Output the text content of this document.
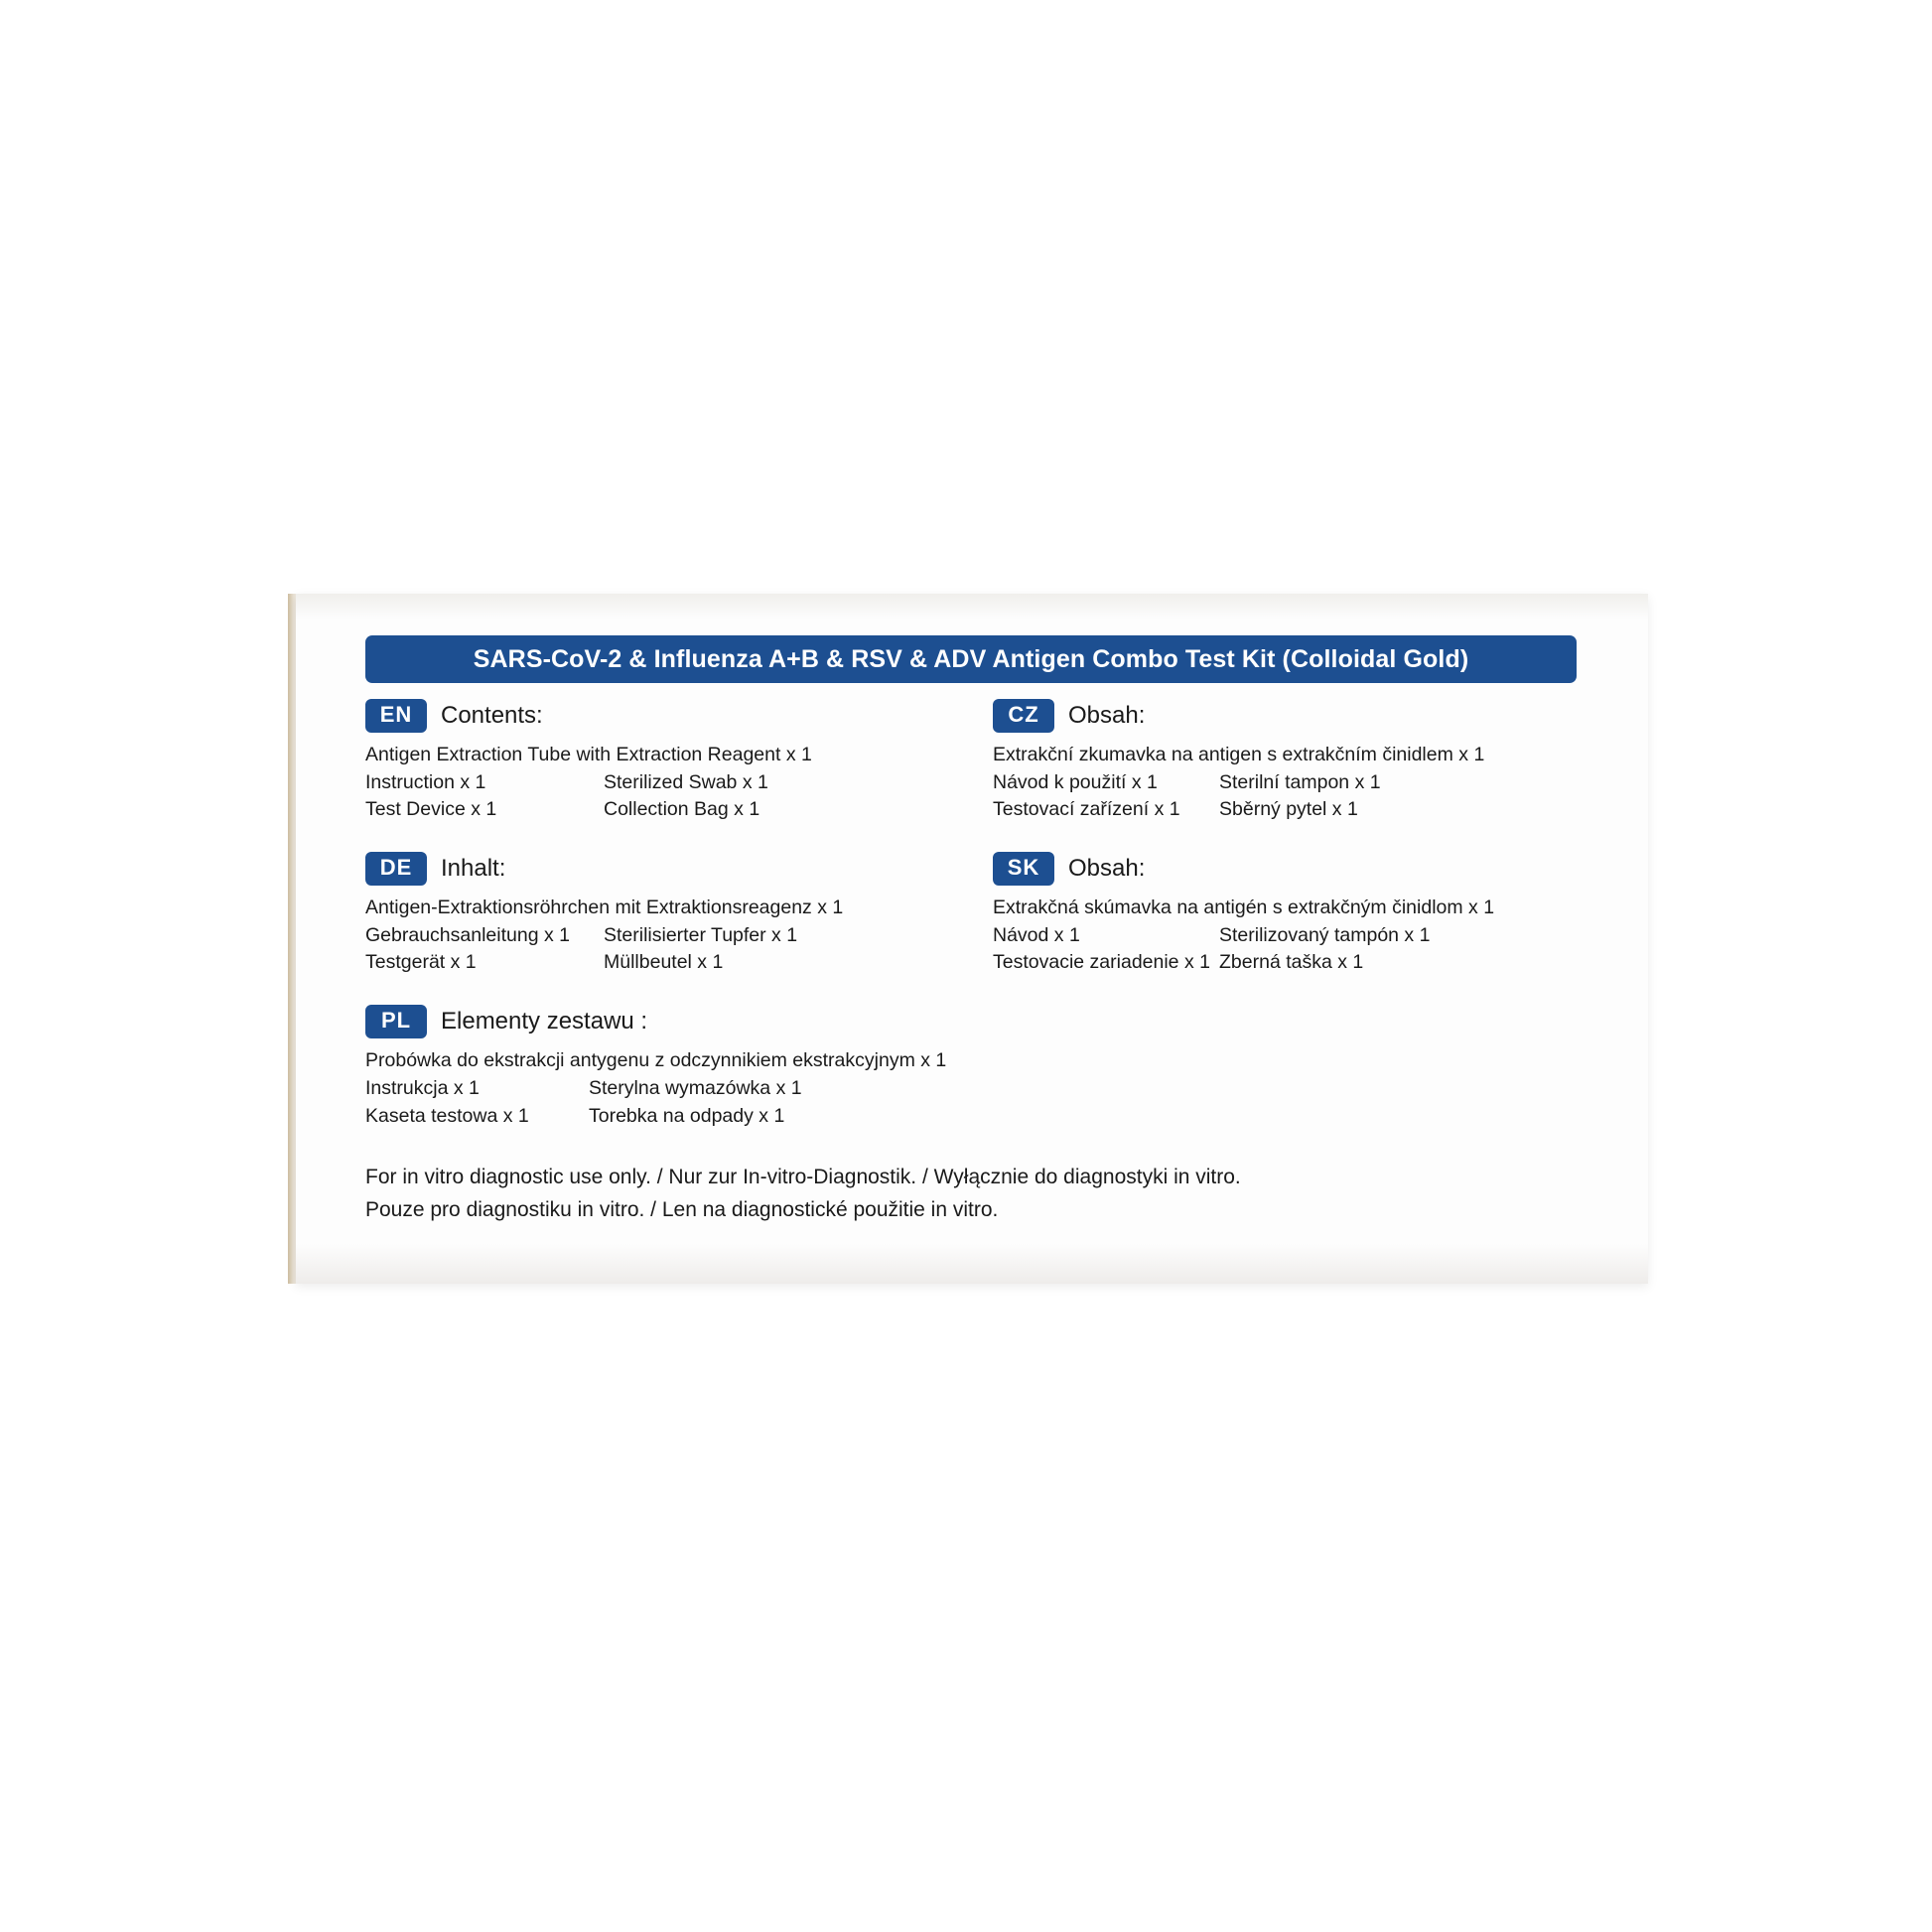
SARS-CoV-2 & Influenza A+B & RSV & ADV Antigen Combo Test Kit (Colloidal Gold)
EN	Contents:
Antigen Extraction Tube with Extraction Reagent x 1
Instruction x 1	Sterilized Swab x 1
Test Device x 1	Collection Bag x 1
DE	Inhalt:
Antigen-Extraktionsröhrchen mit Extraktionsreagenz x 1
Gebrauchsanleitung x 1	Sterilisierter Tupfer x 1
Testgerät x 1	Müllbeutel x 1
PL	Elementy zestawu :
Probówka do ekstrakcji antygenu z odczynnikiem ekstrakcyjnym x 1
Instrukcja x 1	Sterylna wymazówka x 1
Kaseta testowa x 1	Torebka na odpady x 1
CZ	Obsah:
Extrakční zkumavka na antigen s extrakčním činidlem x 1
Návod k použití x 1	Sterilní tampon x 1
Testovací zařízení x 1	Sběrný pytel x 1
SK	Obsah:
Extrakčná skúmavka na antigén s extrakčným činidlom x 1
Návod x 1	Sterilizovaný tampón x 1
Testovacie zariadenie x 1 Zberná taška x 1
For in vitro diagnostic use only. / Nur zur In-vitro-Diagnostik. / Wyłącznie do diagnostyki in vitro.
Pouze pro diagnostiku in vitro. / Len na diagnostické použitie in vitro.
